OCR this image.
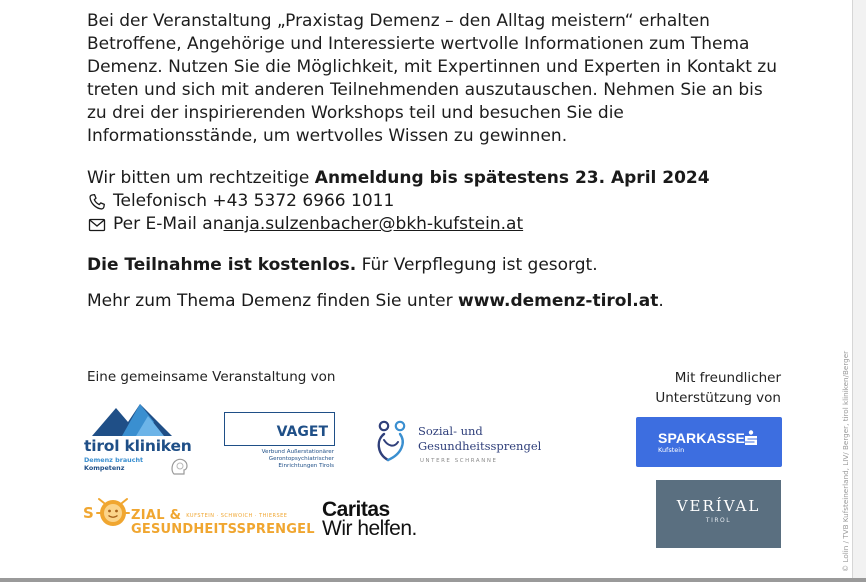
Bei der Veranstaltung „Praxistag Demenz – den Alltag meistern“ erhalten Betroffene, Angehörige und Interessierte wertvolle Informationen zum Thema Demenz. Nutzen Sie die Möglichkeit, mit Expertinnen und Experten in Kontakt zu treten und sich mit anderen Teilnehmenden auszutauschen. Nehmen Sie an bis zu drei der inspirierenden Workshops teil und besuchen Sie die Informationsstände, um wertvolles Wissen zu gewinnen.

Wir bitten um rechtzeitige Anmeldung bis spätestens 23. April 2024
Telefonisch +43 5372 6966 1011
Per E-Mail an anja.sulzenbacher@bkh-kufstein.at
Die Teilnahme ist kostenlos. Für Verpflegung ist gesorgt.
Mehr zum Thema Demenz finden Sie unter www.demenz-tirol.at.
Eine gemeinsame Veranstaltung von	Mit freundlicher
Unterstützung von
tirol kliniken
Demenz braucht
Kompetenz
VAGET
Verbund Außerstationärer
Gerontopsychiatrischer
Einrichtungen Tirols
Sozial- und
Gesundheitssprengel
UNTERE SCHRANNE
S	ZIAL & KUFSTEIN · SCHWOICH · THIERSEE
GESUNDHEITSSPRENGEL
Caritas
Wir helfen.
SPARKASSE
Kufstein
VERÍVAL
TIROL	© Lolin / TVB Kufsteinerland, LIV/ Berger, tirol kliniken/Berger
